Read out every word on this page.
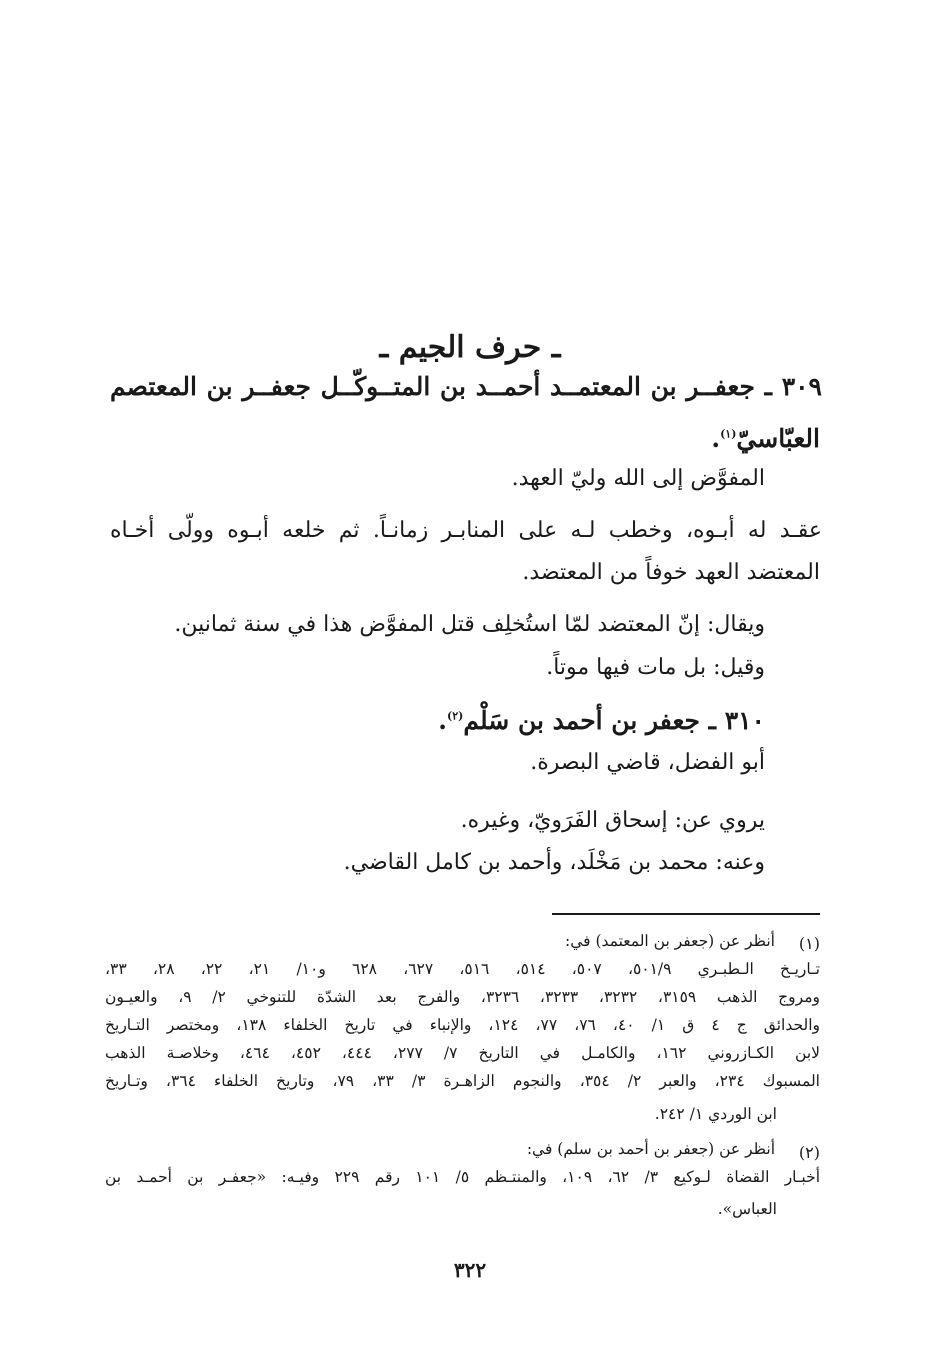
ـ حرف الجيم ـ
٣٠٩ ـ جعفــر بن المعتمــد أحمــد بن المتــوكّــل جعفــر بن المعتصم
العبّاسيّ$^{(١)}$.
المفوَّض إلى الله وليّ العهد.
عقـد له أبـوه، وخطب لـه على المنابـر زمانـاً. ثم خلعه أبـوه وولّى أخـاه
المعتضد العهد خوفاً من المعتضد.
ويقال: إنّ المعتضد لمّا استُخلِف قتل المفوَّض هذا في سنة ثمانين.
وقيل: بل مات فيها موتاً.
٣١٠ ـ جعفر بن أحمد بن سَلْم$^{(٢)}$.
أبو الفضل، قاضي البصرة.
يروي عن: إسحاق الفَرَويّ، وغيره.
وعنه: محمد بن مَخْلَد، وأحمد بن كامل القاضي.
(١)
أنظر عن (جعفر بن المعتمد) في:
تـاريـخ الـطبـري ٥٠١/٩، ٥٠٧، ٥١٤، ٥١٦، ٦٢٧، ٦٢٨ و١٠/ ٢١، ٢٢، ٢٨، ٣٣،
ومروج الذهب ٣١٥٩، ٣٢٣٢، ٣٢٣٣، ٣٢٣٦، والفرج بعد الشدّة للتنوخي ٢/ ٩، والعيـون
والحدائق ج ٤ ق ١/ ٤٠، ٧٦، ٧٧، ١٢٤، والإنباء في تاريخ الخلفاء ١٣٨، ومختصر التـاريخ
لابن الكـازروني ١٦٢، والكامـل في التاريخ ٧/ ٢٧٧، ٤٤٤، ٤٥٢، ٤٦٤، وخلاصـة الذهب
المسبوك ٢٣٤، والعبر ٢/ ٣٥٤، والنجوم الزاهـرة ٣/ ٣٣، ٧٩، وتاريخ الخلفاء ٣٦٤، وتـاريخ
ابن الوردي ١/ ٢٤٢.
(٢)
أنظر عن (جعفر بن أحمد بن سلم) في:
أخبـار القضاة لـوكيع ٣/ ٦٢، ١٠٩، والمنتـظم ٥/ ١٠١ رقم ٢٢٩ وفيـه: «جعفـر بن أحمـد بن
العباس».
٣٢٢
